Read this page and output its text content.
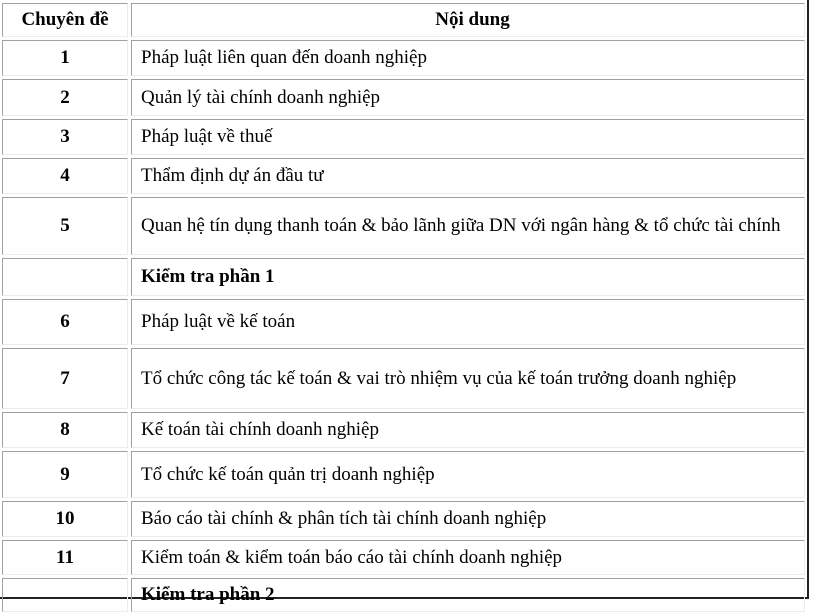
Chuyên đề	Nội dung
1	Pháp luật liên quan đến doanh nghiệp
2	Quản lý tài chính doanh nghiệp
3	Pháp luật về thuế
4	Thẩm định dự án đầu tư
5	Quan hệ tín dụng thanh toán & bảo lãnh giữa DN với ngân hàng & tổ chức tài chính
	Kiểm tra phần 1
6	Pháp luật về kế toán
7	Tổ chức công tác kế toán & vai trò nhiệm vụ của kế toán trưởng doanh nghiệp
8	Kế toán tài chính doanh nghiệp
9	Tổ chức kế toán quản trị doanh nghiệp
10	Báo cáo tài chính & phân tích tài chính doanh nghiệp
11	Kiểm toán & kiểm toán báo cáo tài chính doanh nghiệp
	Kiểm tra phần 2
